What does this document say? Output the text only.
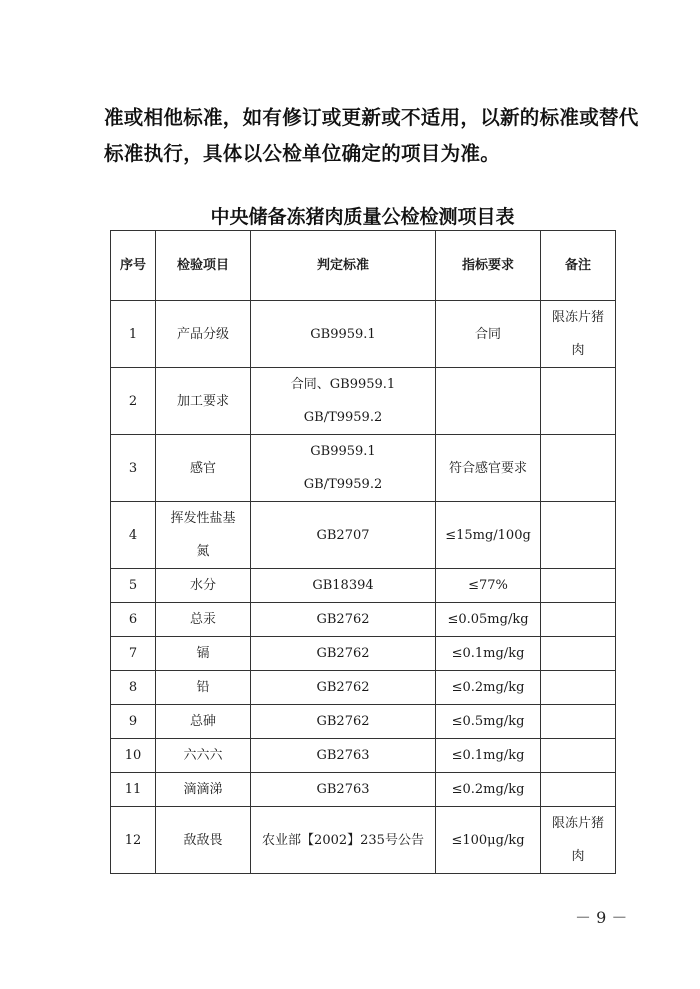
准或相他标准，如有修订或更新或不适用，以新的标准或替代

标准执行，具体以公检单位确定的项目为准。

中央储备冻猪肉质量公检检测项目表
序号	检验项目	判定标准	指标要求	备注
1	产品分级	GB9959.1	合同	限冻片猪
肉

2	加工要求	合同、GB9959.1
GB/T9959.2		

3	感官	GB9959.1
GB/T9959.2	符合感官要求	
4	挥发性盐基
氮	GB2707	≤15mg/100g	
5	水分	GB18394	≤77%	
6	总汞	GB2762	≤0.05mg/kg	
7	镉	GB2762	≤0.1mg/kg	
8	铅	GB2762	≤0.2mg/kg	
9	总砷	GB2762	≤0.5mg/kg	
10	六六六	GB2763	≤0.1mg/kg	
11	滴滴涕	GB2763	≤0.2mg/kg	
12	敌敌畏	农业部【2002】235号公告	≤100μg/kg	限冻片猪
肉
－ 9 －
